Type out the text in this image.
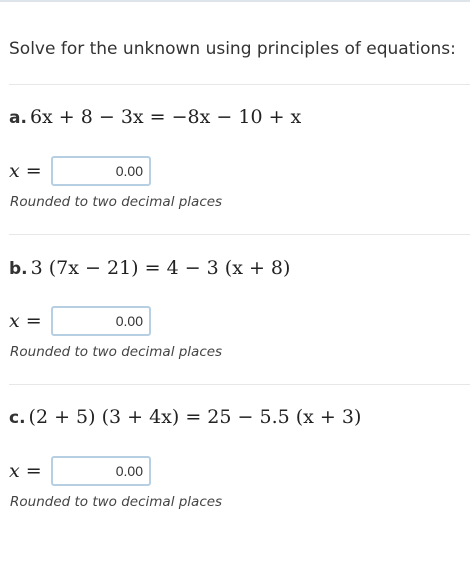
Solve for the unknown using principles of equations:
a. 6x + 8 − 3x = −8x − 10 + x
x =
0.00
Rounded to two decimal places
b. 3 (7x − 21) = 4 − 3 (x + 8)
x =
0.00
Rounded to two decimal places
c. (2 + 5) (3 + 4x) = 25 − 5.5 (x + 3)
x =
0.00
Rounded to two decimal places
